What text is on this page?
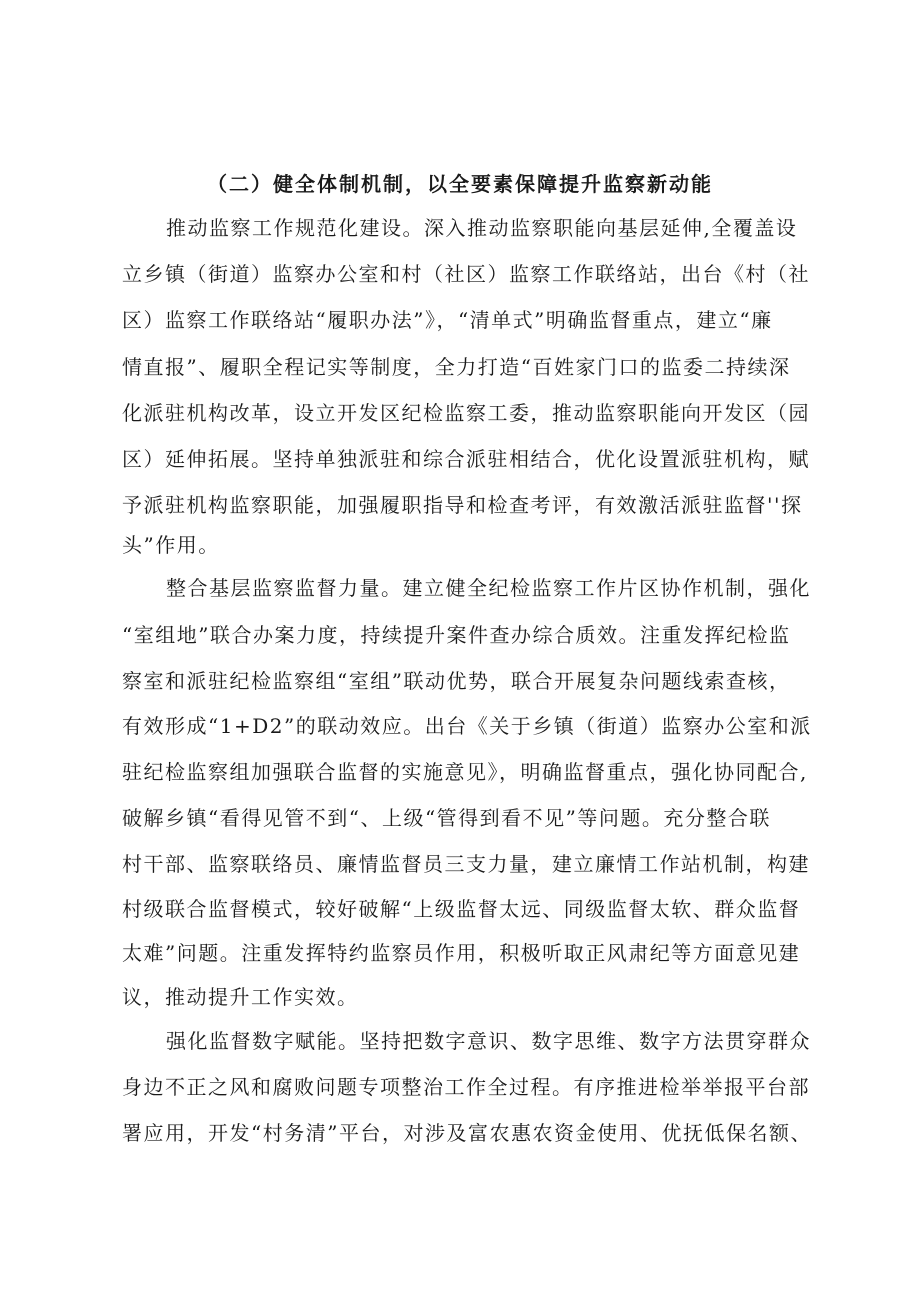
（二）健全体制机制，以全要素保障提升监察新动能
推动监察工作规范化建设。深入推动监察职能向基层延伸,全覆盖设
立乡镇（街道）监察办公室和村（社区）监察工作联络站，出台《村（社
区）监察工作联络站“履职办法”》，“清单式”明确监督重点，建立“廉
情直报”、履职全程记实等制度，全力打造“百姓家门口的监委二持续深
化派驻机构改革，设立开发区纪检监察工委，推动监察职能向开发区（园
区）延伸拓展。坚持单独派驻和综合派驻相结合，优化设置派驻机构，赋
予派驻机构监察职能，加强履职指导和检查考评，有效激活派驻监督''探
头”作用。
整合基层监察监督力量。建立健全纪检监察工作片区协作机制，强化
“室组地”联合办案力度，持续提升案件查办综合质效。注重发挥纪检监
察室和派驻纪检监察组“室组”联动优势，联合开展复杂问题线索查核，
有效形成“1+D2”的联动效应。出台《关于乡镇（街道）监察办公室和派
驻纪检监察组加强联合监督的实施意见》，明确监督重点，强化协同配合,
破解乡镇“看得见管不到“、上级“管得到看不见”等问题。充分整合联
村干部、监察联络员、廉情监督员三支力量，建立廉情工作站机制，构建
村级联合监督模式，较好破解“上级监督太远、同级监督太软、群众监督
太难”问题。注重发挥特约监察员作用，积极听取正风肃纪等方面意见建
议，推动提升工作实效。
强化监督数字赋能。坚持把数字意识、数字思维、数字方法贯穿群众
身边不正之风和腐败问题专项整治工作全过程。有序推进检举举报平台部
署应用，开发“村务清”平台，对涉及富农惠农资金使用、优抚低保名额、
